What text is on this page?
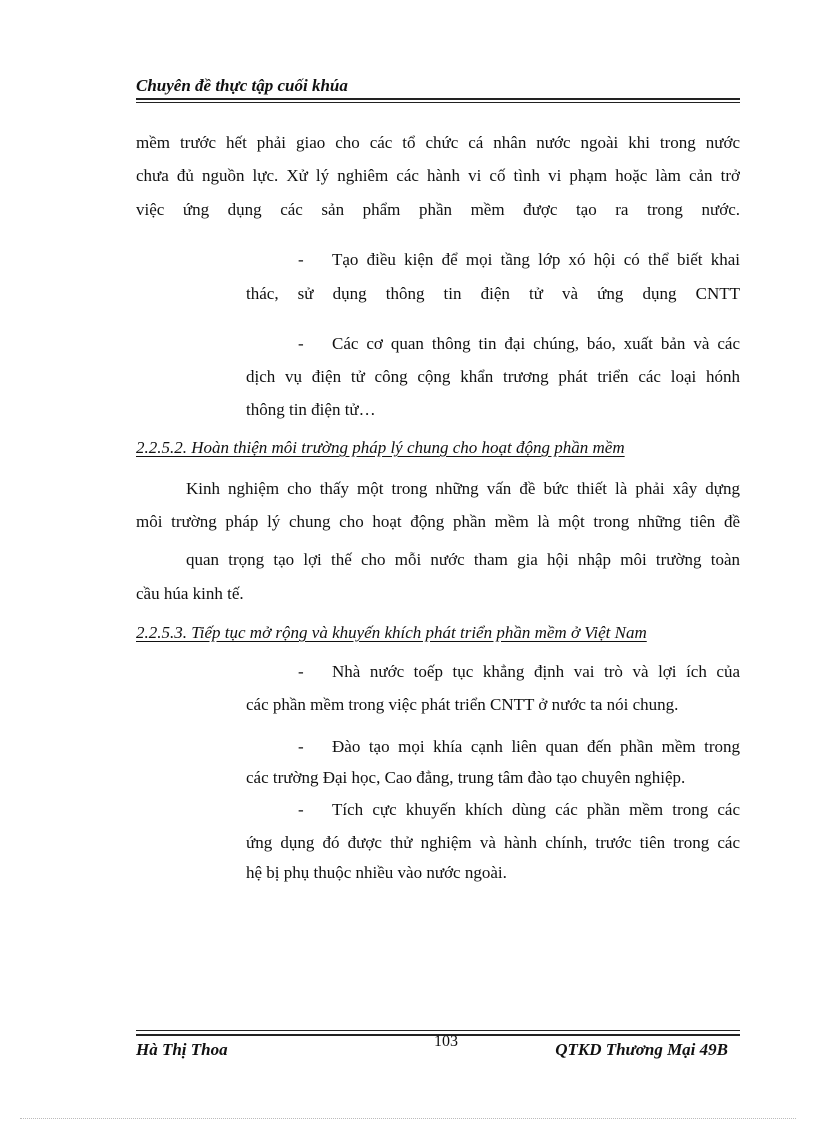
Chuyên đề thực tập cuối khúa
mềm trước hết phải giao cho các tổ chức cá nhân nước ngoài khi trong nước
chưa đủ nguồn lực. Xử lý nghiêm các hành vi cố tình vi phạm hoặc làm cản trở
việc ứng dụng các sản phẩm phần mềm được tạo ra trong nước.
- Tạo điều kiện để mọi tầng lớp xó hội có thể biết khai
thác, sử dụng thông tin điện tử và ứng dụng CNTT
- Các cơ quan thông tin đại chúng, báo, xuất bản và các
dịch vụ điện tử công cộng khẩn trương phát triển các loại hónh
thông tin điện tử…
2.2.5.2. Hoàn thiện môi trường pháp lý chung cho hoạt động phần mềm
Kinh nghiệm cho thấy một trong những vấn đề bức thiết là phải xây dựng
môi trường pháp lý chung cho hoạt động phần mềm là một trong những tiên đề
quan trọng tạo lợi thế cho mỗi nước tham gia hội nhập môi trường toàn
cầu húa kinh tế.
2.2.5.3. Tiếp tục mở rộng và khuyến khích phát triển phần mềm ở Việt Nam
- Nhà nước toếp tục khẳng định vai trò và lợi ích của
các phần mềm trong việc phát triển CNTT ở nước ta nói chung.
- Đào tạo mọi khía cạnh liên quan đến phần mềm trong
các trường Đại học, Cao đẳng, trung tâm đào tạo chuyên nghiệp.
- Tích cực khuyến khích dùng các phần mềm trong các
ứng dụng đó được thử nghiệm và hành chính, trước tiên trong các
hệ bị phụ thuộc nhiều vào nước ngoài.
Hà Thị Thoa	103	QTKD Thương Mại 49B
